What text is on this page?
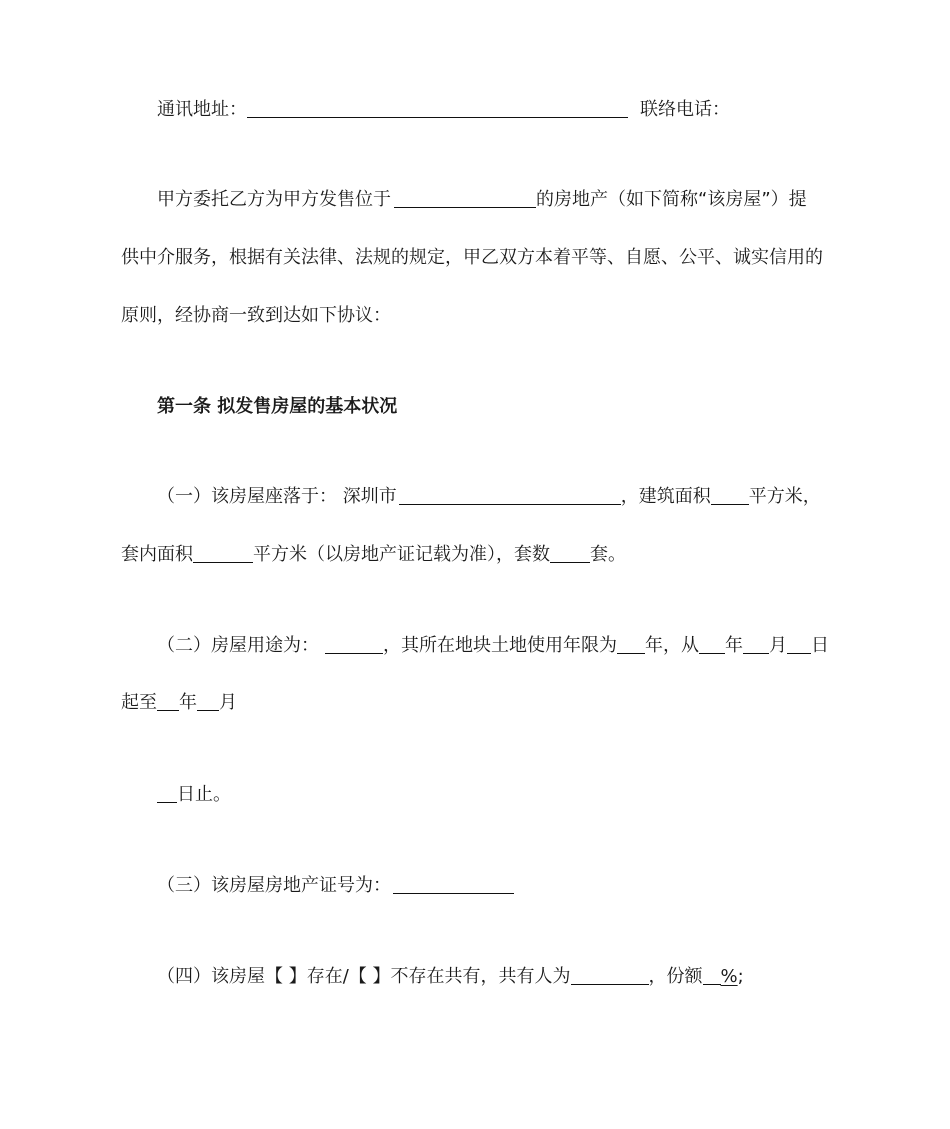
通讯地址：	联络电话：
甲方委托乙方为甲方发售位于	的房地产（如下简称“该房屋”）提
供中介服务，根据有关法律、法规的规定，甲乙双方本着平等、自愿、公平、诚实信用的
原则，经协商一致到达如下协议：
第一条 拟发售房屋的基本状况
（一）该房屋座落于： 深圳市	，建筑面积 平方米，
套内面积	平方米（以房地产证记载为准），套数 套。
（二）房屋用途为：	，其所在地块土地使用年限为 年，从 年 月 日
起至 年 月
日止。
（三）该房屋房地产证号为：
（四）该房屋【 】存在/【 】不存在共有，共有人为	，份额 %;
